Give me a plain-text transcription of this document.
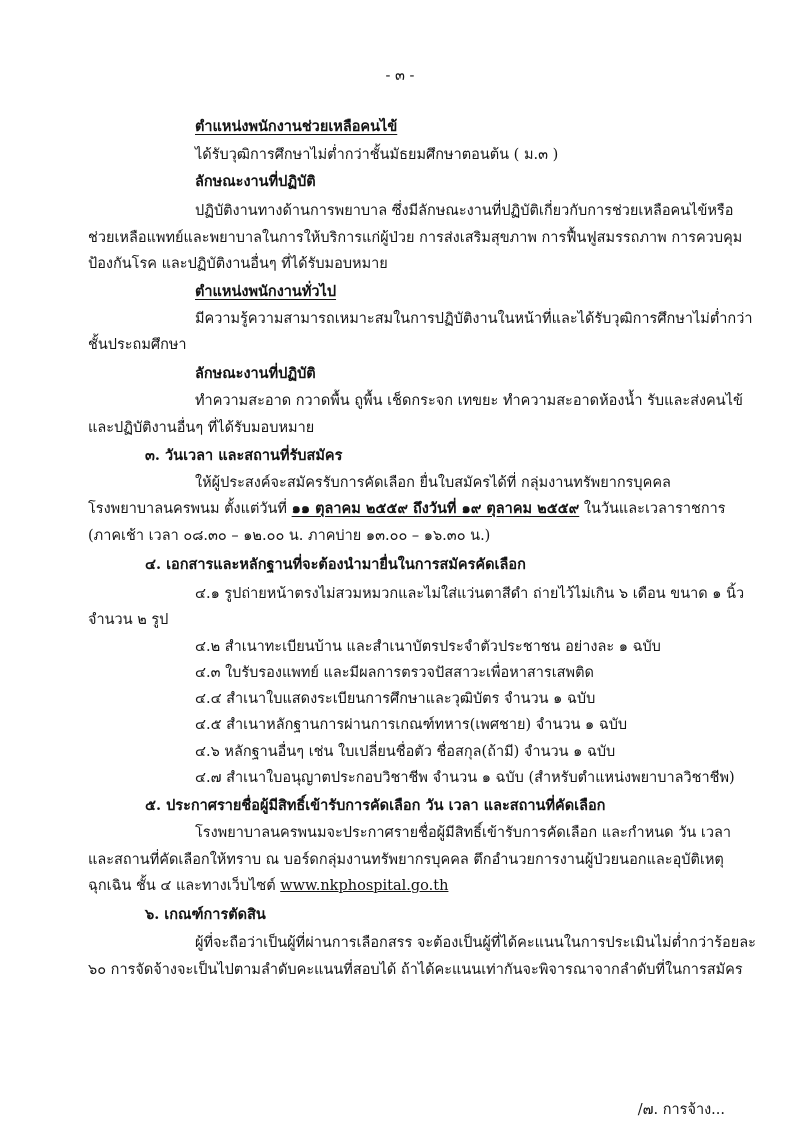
- ๓ -
ตำแหน่งพนักงานช่วยเหลือคนไข้
ได้รับวุฒิการศึกษาไม่ต่ำกว่าชั้นมัธยมศึกษาตอนต้น ( ม.๓ )
ลักษณะงานที่ปฏิบัติ
ปฏิบัติงานทางด้านการพยาบาล ซึ่งมีลักษณะงานที่ปฏิบัติเกี่ยวกับการช่วยเหลือคนไข้หรือ
ช่วยเหลือแพทย์และพยาบาลในการให้บริการแก่ผู้ป่วย การส่งเสริมสุขภาพ การฟื้นฟูสมรรถภาพ การควบคุม
ป้องกันโรค และปฏิบัติงานอื่นๆ ที่ได้รับมอบหมาย
ตำแหน่งพนักงานทั่วไป
มีความรู้ความสามารถเหมาะสมในการปฏิบัติงานในหน้าที่และได้รับวุฒิการศึกษาไม่ต่ำกว่า
ชั้นประถมศึกษา
ลักษณะงานที่ปฏิบัติ
ทำความสะอาด กวาดพื้น ถูพื้น เช็ดกระจก เทขยะ ทำความสะอาดห้องน้ำ รับและส่งคนไข้
และปฏิบัติงานอื่นๆ ที่ได้รับมอบหมาย
๓. วันเวลา และสถานที่รับสมัคร
ให้ผู้ประสงค์จะสมัครรับการคัดเลือก ยื่นใบสมัครได้ที่ กลุ่มงานทรัพยากรบุคคล
โรงพยาบาลนครพนม ตั้งแต่วันที่ ๑๑ ตุลาคม ๒๕๕๙ ถึงวันที่ ๑๙ ตุลาคม ๒๕๕๙ ในวันและเวลาราชการ
(ภาคเช้า เวลา ๐๘.๓๐ – ๑๒.๐๐ น. ภาคบ่าย ๑๓.๐๐ – ๑๖.๓๐ น.)
๔. เอกสารและหลักฐานที่จะต้องนำมายื่นในการสมัครคัดเลือก
๔.๑ รูปถ่ายหน้าตรงไม่สวมหมวกและไม่ใส่แว่นตาสีดำ ถ่ายไว้ไม่เกิน ๖ เดือน ขนาด ๑ นิ้ว
จำนวน ๒ รูป
๔.๒ สำเนาทะเบียนบ้าน และสำเนาบัตรประจำตัวประชาชน อย่างละ ๑ ฉบับ
๔.๓ ใบรับรองแพทย์ และมีผลการตรวจปัสสาวะเพื่อหาสารเสพติด
๔.๔ สำเนาใบแสดงระเบียนการศึกษาและวุฒิบัตร จำนวน ๑ ฉบับ
๔.๕ สำเนาหลักฐานการผ่านการเกณฑ์ทหาร(เพศชาย) จำนวน ๑ ฉบับ
๔.๖ หลักฐานอื่นๆ เช่น ใบเปลี่ยนชื่อตัว ชื่อสกุล(ถ้ามี) จำนวน ๑ ฉบับ
๔.๗ สำเนาใบอนุญาตประกอบวิชาชีพ จำนวน ๑ ฉบับ (สำหรับตำแหน่งพยาบาลวิชาชีพ)
๕. ประกาศรายชื่อผู้มีสิทธิ์เข้ารับการคัดเลือก วัน เวลา และสถานที่คัดเลือก
โรงพยาบาลนครพนมจะประกาศรายชื่อผู้มีสิทธิ์เข้ารับการคัดเลือก และกำหนด วัน เวลา
และสถานที่คัดเลือกให้ทราบ ณ บอร์ดกลุ่มงานทรัพยากรบุคคล ตึกอำนวยการงานผู้ป่วยนอกและอุบัติเหตุ
ฉุกเฉิน ชั้น ๔ และทางเว็บไซต์ www.nkphospital.go.th
๖. เกณฑ์การตัดสิน
ผู้ที่จะถือว่าเป็นผู้ที่ผ่านการเลือกสรร จะต้องเป็นผู้ที่ได้คะแนนในการประเมินไม่ต่ำกว่าร้อยละ
๖๐ การจัดจ้างจะเป็นไปตามลำดับคะแนนที่สอบได้ ถ้าได้คะแนนเท่ากันจะพิจารณาจากลำดับที่ในการสมัคร
/๗. การจ้าง...
